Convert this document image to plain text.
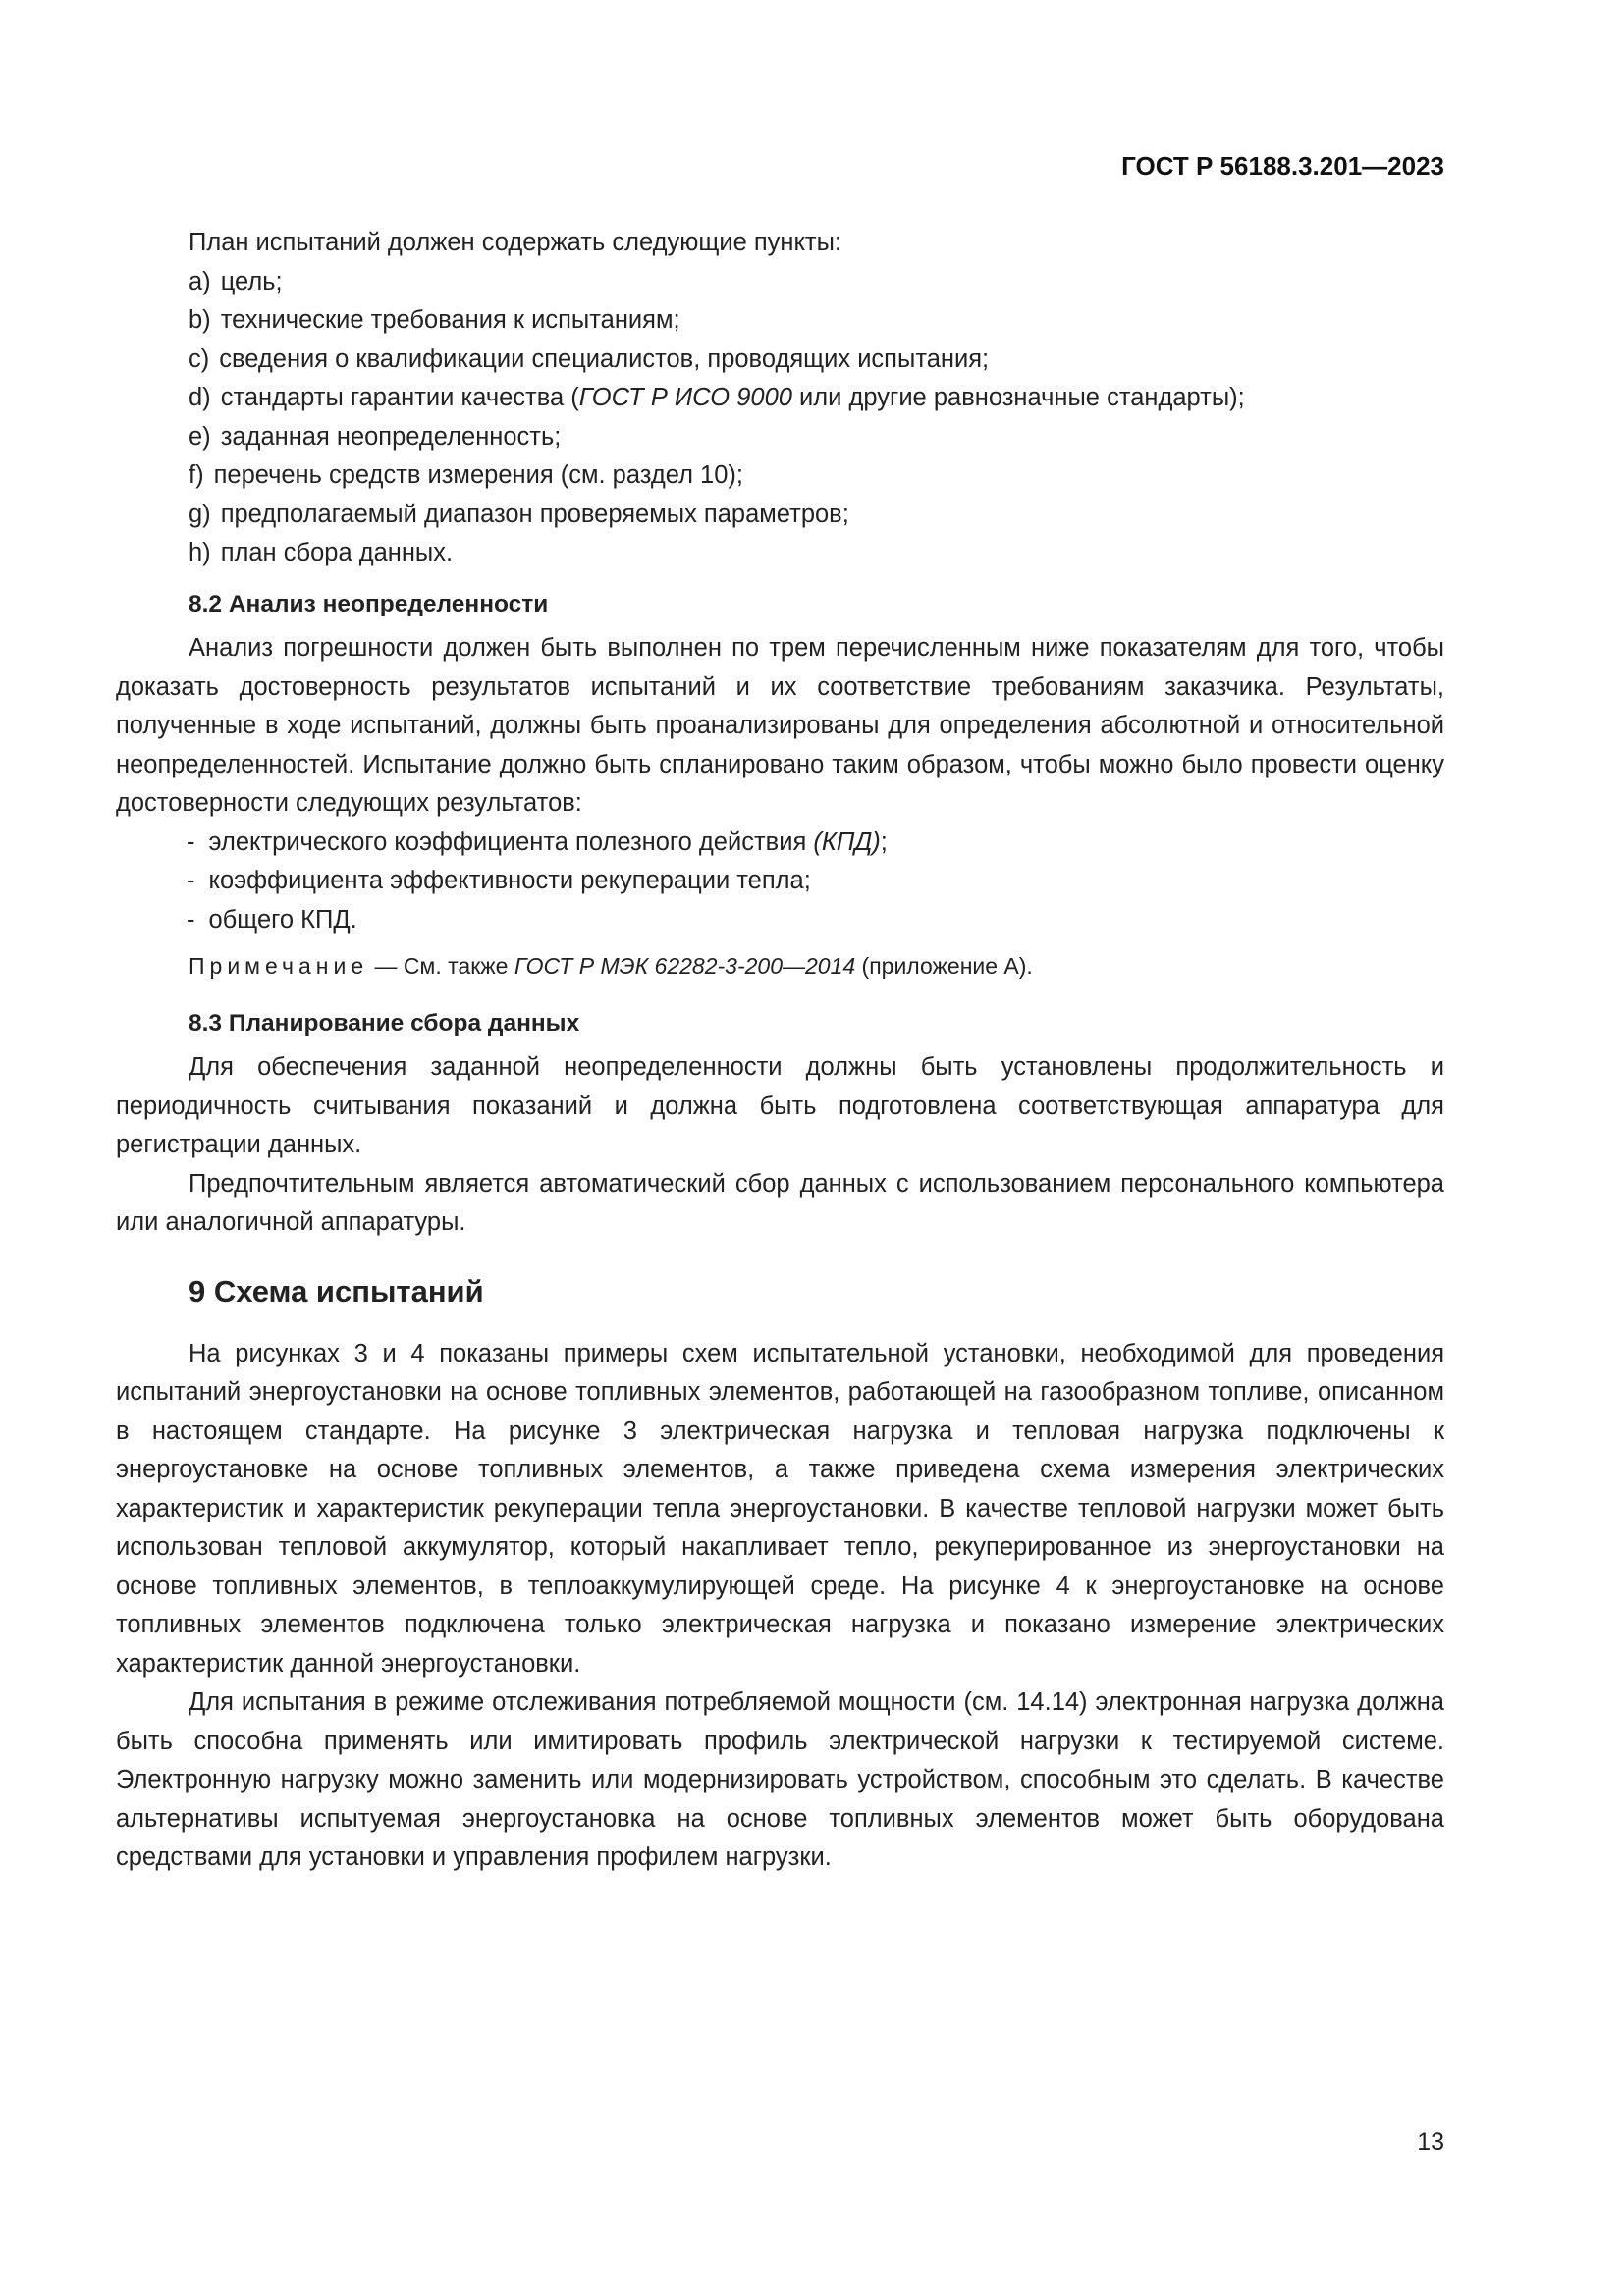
ГОСТ Р 56188.3.201—2023

План испытаний должен содержать следующие пункты:

a) цель;

b) технические требования к испытаниям;

c) сведения о квалификации специалистов, проводящих испытания;

d) стандарты гарантии качества (ГОСТ Р ИСО 9000 или другие равнозначные стандарты);

e) заданная неопределенность;

f) перечень средств измерения (см. раздел 10);

g) предполагаемый диапазон проверяемых параметров;

h) план сбора данных.

8.2 Анализ неопределенности

Анализ погрешности должен быть выполнен по трем перечисленным ниже показателям для того, чтобы доказать достоверность результатов испытаний и их соответствие требованиям заказчика. Результаты, полученные в ходе испытаний, должны быть проанализированы для определения абсолютной и относительной неопределенностей. Испытание должно быть спланировано таким образом, чтобы можно было провести оценку достоверности следующих результатов:

- электрического коэффициента полезного действия (КПД);

- коэффициента эффективности рекуперации тепла;

- общего КПД.

Примечание — См. также ГОСТ Р МЭК 62282-3-200—2014 (приложение А).

8.3 Планирование сбора данных

Для обеспечения заданной неопределенности должны быть установлены продолжительность и периодичность считывания показаний и должна быть подготовлена соответствующая аппаратура для регистрации данных.

Предпочтительным является автоматический сбор данных с использованием персонального компьютера или аналогичной аппаратуры.

9 Схема испытаний

На рисунках 3 и 4 показаны примеры схем испытательной установки, необходимой для проведения испытаний энергоустановки на основе топливных элементов, работающей на газообразном топливе, описанном в настоящем стандарте. На рисунке 3 электрическая нагрузка и тепловая нагрузка подключены к энергоустановке на основе топливных элементов, а также приведена схема измерения электрических характеристик и характеристик рекуперации тепла энергоустановки. В качестве тепловой нагрузки может быть использован тепловой аккумулятор, который накапливает тепло, рекуперированное из энергоустановки на основе топливных элементов, в теплоаккумулирующей среде. На рисунке 4 к энергоустановке на основе топливных элементов подключена только электрическая нагрузка и показано измерение электрических характеристик данной энергоустановки.

Для испытания в режиме отслеживания потребляемой мощности (см. 14.14) электронная нагрузка должна быть способна применять или имитировать профиль электрической нагрузки к тестируемой системе. Электронную нагрузку можно заменить или модернизировать устройством, способным это сделать. В качестве альтернативы испытуемая энергоустановка на основе топливных элементов может быть оборудована средствами для установки и управления профилем нагрузки.

13
